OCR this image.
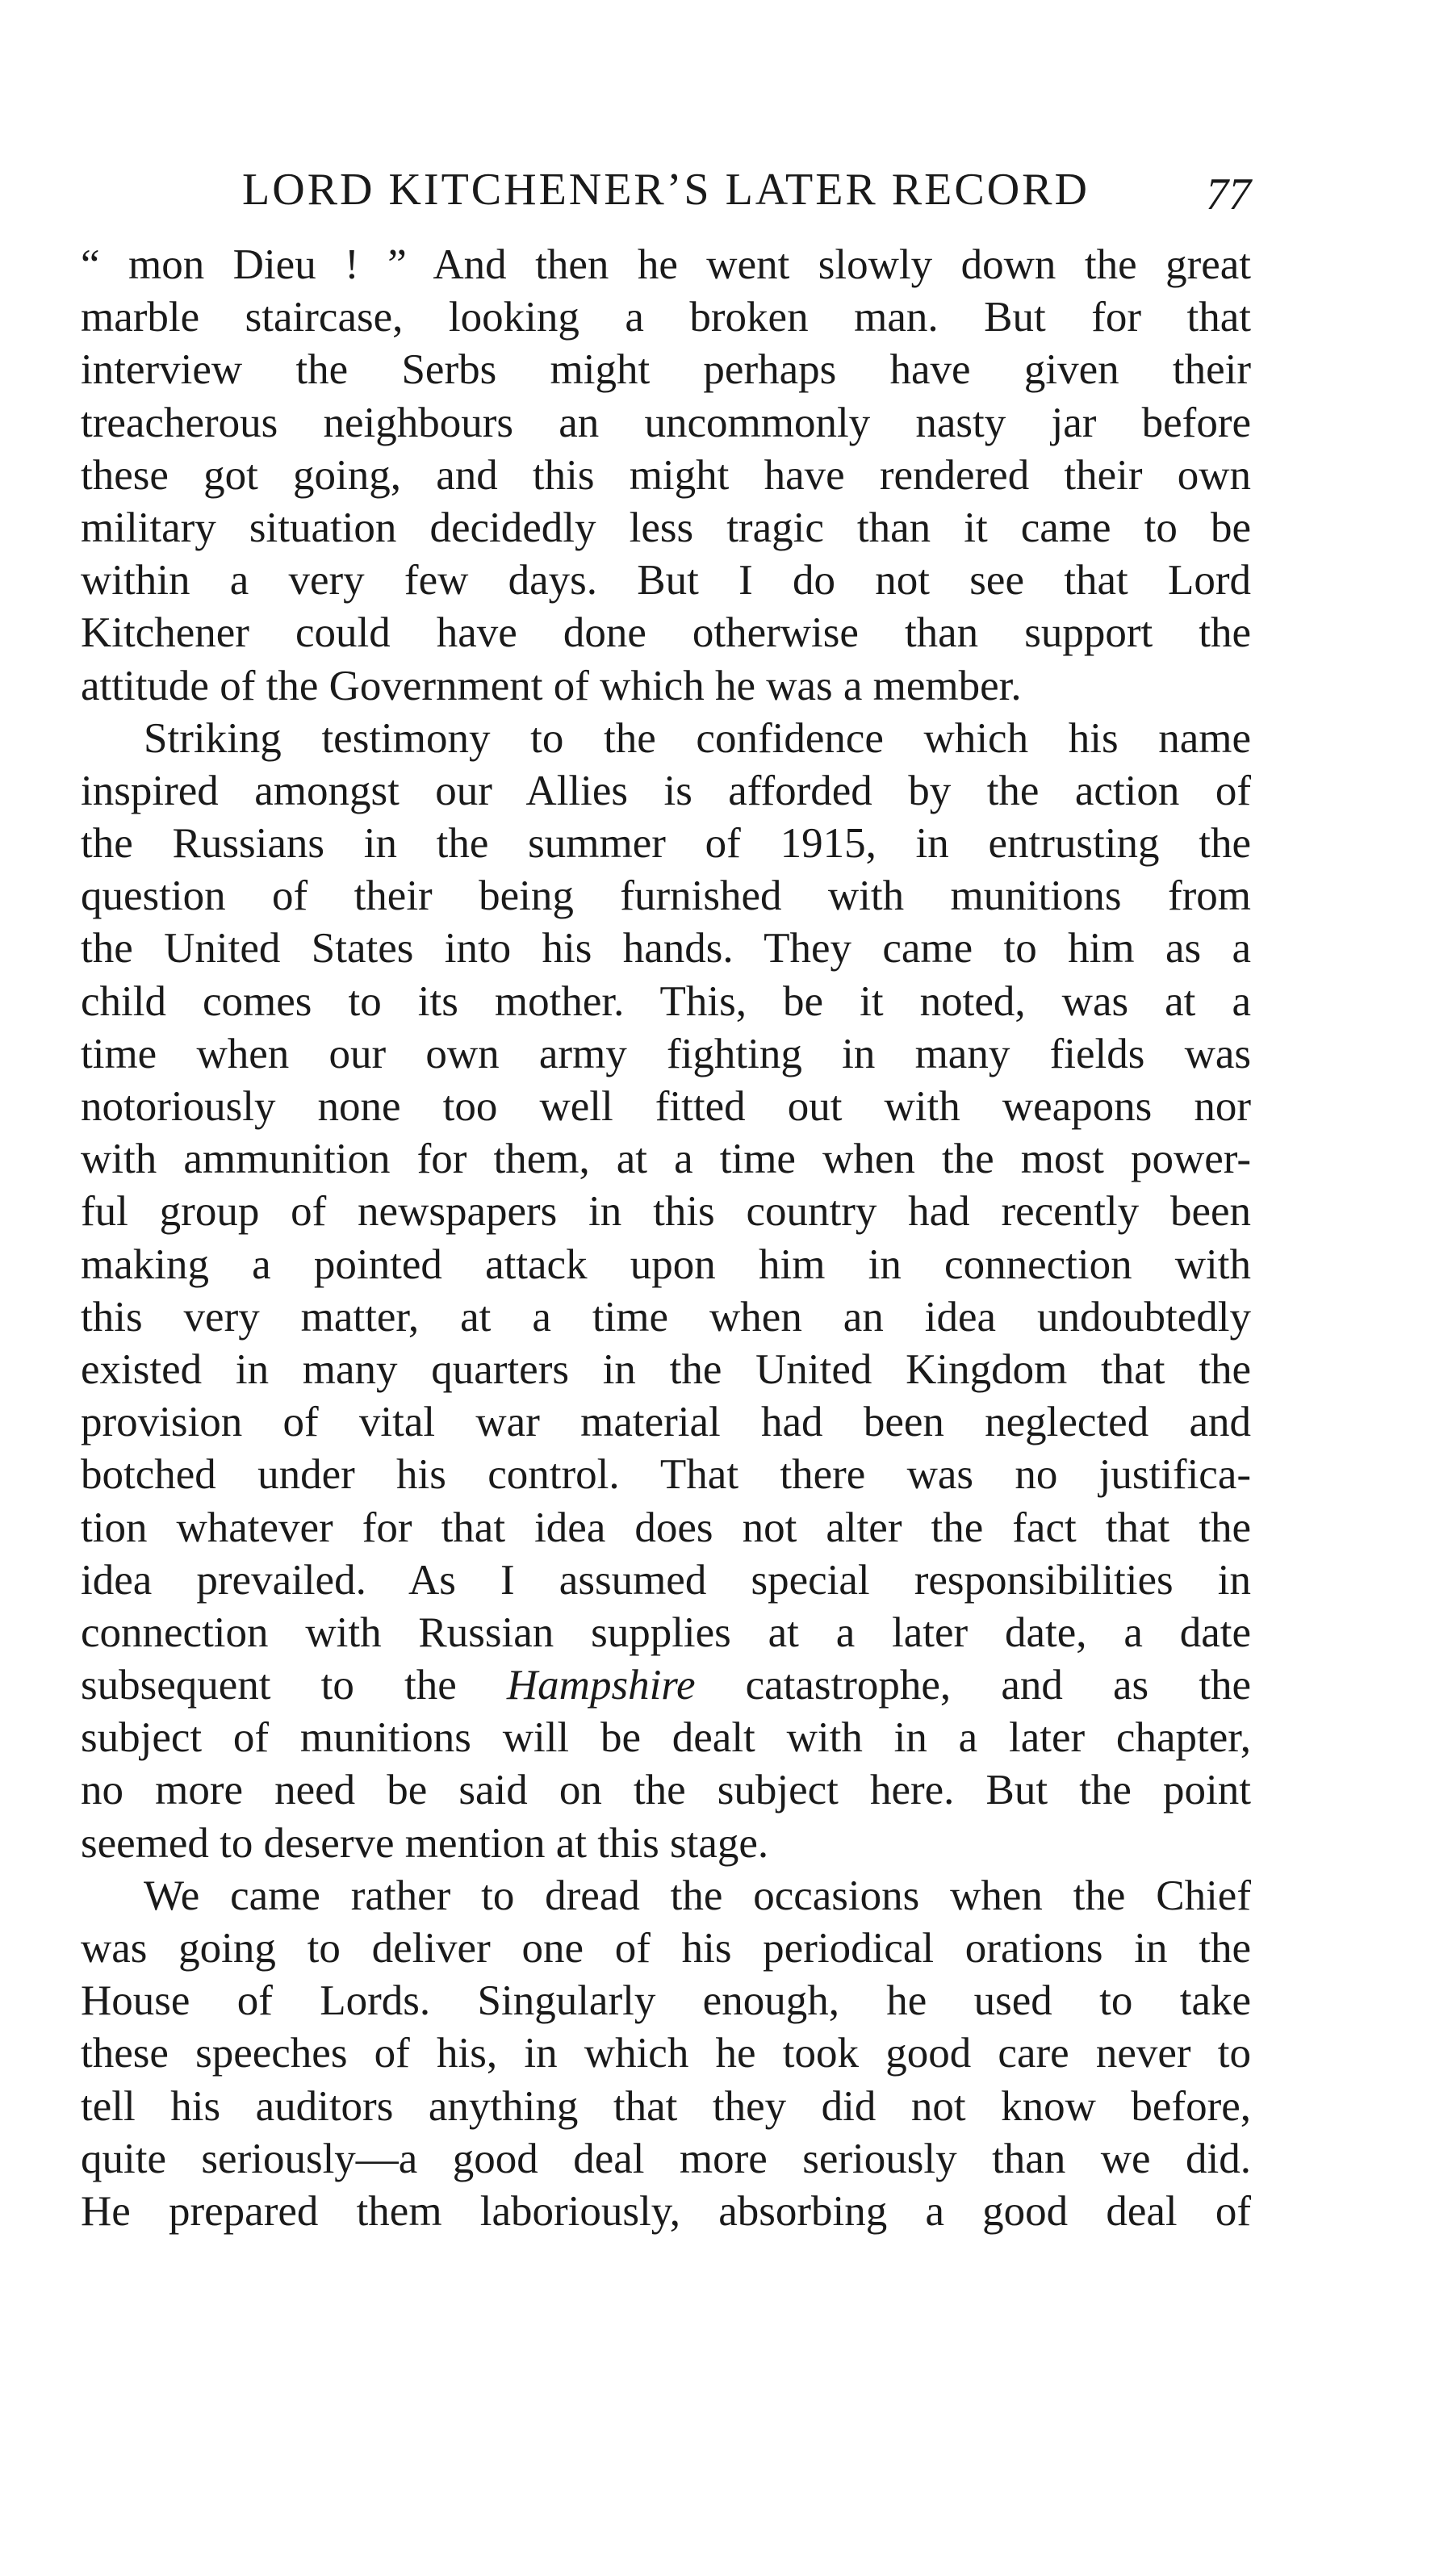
LORD KITCHENER’S LATER RECORD	77
“ mon Dieu ! ” And then he went slowly down the great
marble staircase, looking a broken man. But for that
interview the Serbs might perhaps have given their
treacherous neighbours an uncommonly nasty jar before
these got going, and this might have rendered their own
military situation decidedly less tragic than it came to be
within a very few days. But I do not see that Lord
Kitchener could have done otherwise than support the
attitude of the Government of which he was a member.
Striking testimony to the confidence which his name
inspired amongst our Allies is afforded by the action of
the Russians in the summer of 1915, in entrusting the
question of their being furnished with munitions from
the United States into his hands. They came to him as a
child comes to its mother. This, be it noted, was at a
time when our own army fighting in many fields was
notoriously none too well fitted out with weapons nor
with ammunition for them, at a time when the most power-
ful group of newspapers in this country had recently been
making a pointed attack upon him in connection with
this very matter, at a time when an idea undoubtedly
existed in many quarters in the United Kingdom that the
provision of vital war material had been neglected and
botched under his control. That there was no justifica-
tion whatever for that idea does not alter the fact that the
idea prevailed. As I assumed special responsibilities in
connection with Russian supplies at a later date, a date
subsequent to the Hampshire catastrophe, and as the
subject of munitions will be dealt with in a later chapter,
no more need be said on the subject here. But the point
seemed to deserve mention at this stage.
We came rather to dread the occasions when the Chief
was going to deliver one of his periodical orations in the
House of Lords. Singularly enough, he used to take
these speeches of his, in which he took good care never to
tell his auditors anything that they did not know before,
quite seriously—a good deal more seriously than we did.
He prepared them laboriously, absorbing a good deal of
